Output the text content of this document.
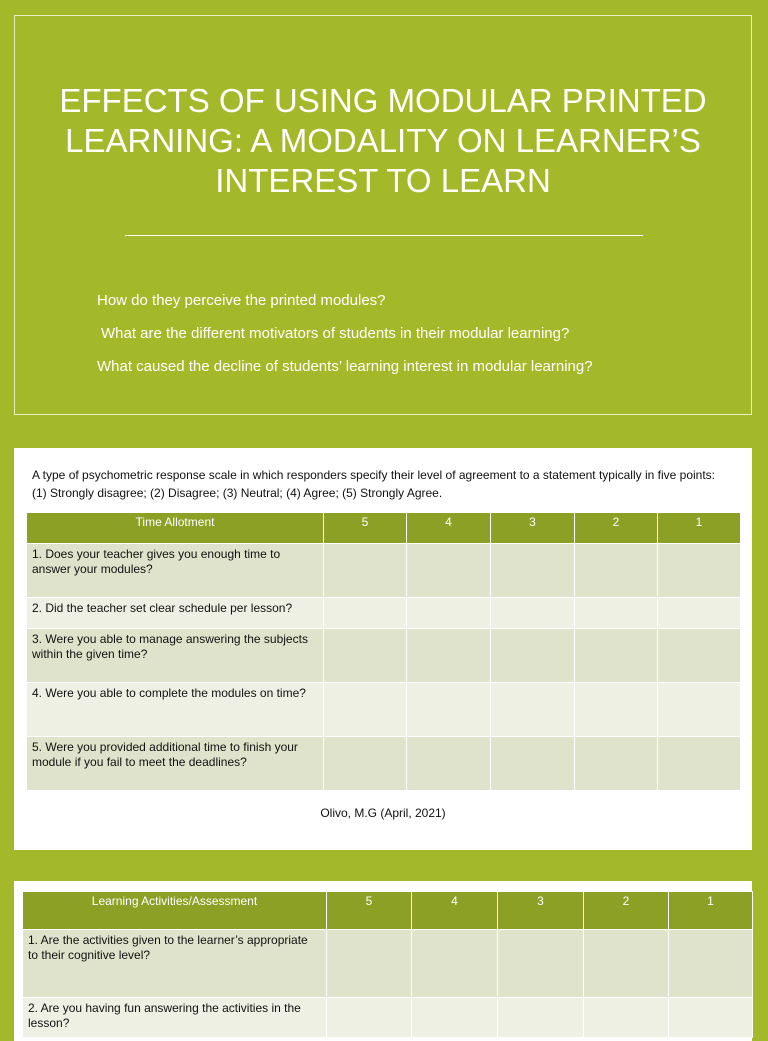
EFFECTS OF USING MODULAR PRINTED LEARNING: A MODALITY ON LEARNER’S INTEREST TO LEARN
How do they perceive the printed modules?
What are the different motivators of students in their modular learning?
What caused the decline of students’ learning interest in modular learning?

A type of psychometric response scale in which responders specify their level of agreement to a statement typically in five points: (1) Strongly disagree; (2) Disagree; (3) Neutral; (4) Agree; (5) Strongly Agree.

Time Allotment	5	4	3	2	1
1. Does your teacher gives you enough time to answer your modules?					
2. Did the teacher set clear schedule per lesson?					
3. Were you able to manage answering the subjects within the given time?					
4. Were you able to complete the modules on time?					
5. Were you provided additional time to finish your module if you fail to meet the deadlines?					

Olivo, M.G (April, 2021)

Learning Activities/Assessment	5	4	3	2	1
1. Are the activities given to the learner’s appropriate to their cognitive level?					
2. Are you having fun answering the activities in the lesson?					
